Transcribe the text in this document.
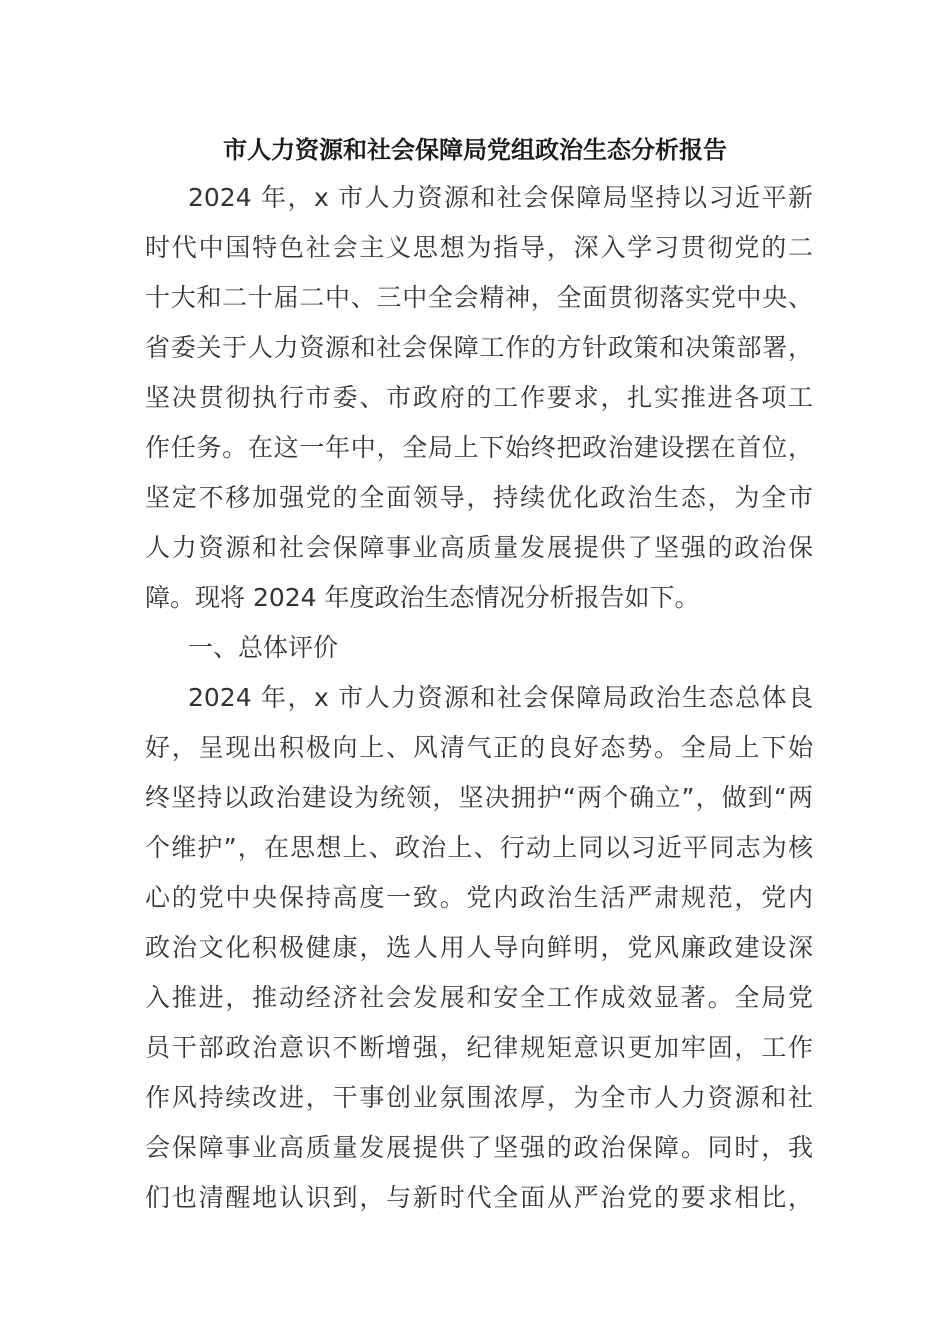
市人力资源和社会保障局党组政治生态分析报告
2024 年，x 市人力资源和社会保障局坚持以习近平新
时代中国特色社会主义思想为指导，深入学习贯彻党的二
十大和二十届二中、三中全会精神，全面贯彻落实党中央、
省委关于人力资源和社会保障工作的方针政策和决策部署，
坚决贯彻执行市委、市政府的工作要求，扎实推进各项工
作任务。在这一年中，全局上下始终把政治建设摆在首位，
坚定不移加强党的全面领导，持续优化政治生态，为全市
人力资源和社会保障事业高质量发展提供了坚强的政治保
障。现将 2024 年度政治生态情况分析报告如下。
一、总体评价
2024 年，x 市人力资源和社会保障局政治生态总体良
好，呈现出积极向上、风清气正的良好态势。全局上下始
终坚持以政治建设为统领，坚决拥护“两个确立”，做到“两
个维护”，在思想上、政治上、行动上同以习近平同志为核
心的党中央保持高度一致。党内政治生活严肃规范，党内
政治文化积极健康，选人用人导向鲜明，党风廉政建设深
入推进，推动经济社会发展和安全工作成效显著。全局党
员干部政治意识不断增强，纪律规矩意识更加牢固，工作
作风持续改进，干事创业氛围浓厚，为全市人力资源和社
会保障事业高质量发展提供了坚强的政治保障。同时，我
们也清醒地认识到，与新时代全面从严治党的要求相比，
